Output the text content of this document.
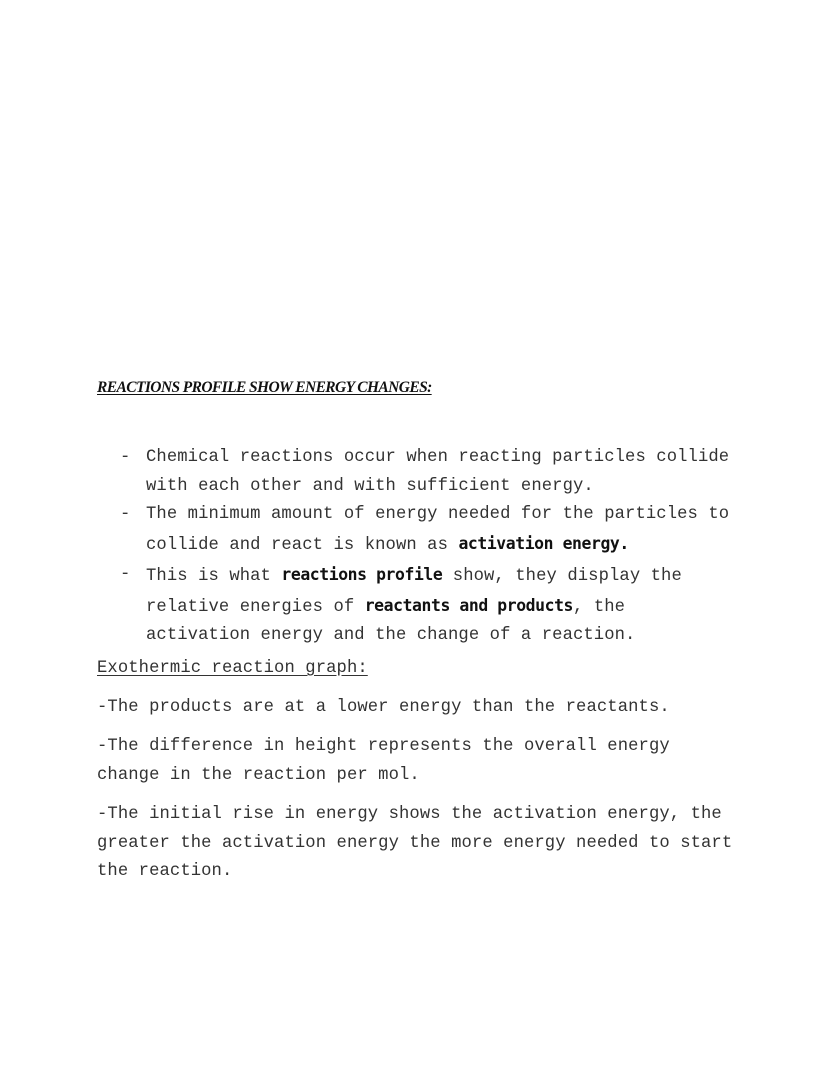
REACTIONS PROFILE SHOW ENERGY CHANGES:
- Chemical reactions occur when reacting particles collide with each other and with sufficient energy.
- The minimum amount of energy needed for the particles to collide and react is known as activation energy.
- This is what reactions profile show, they display the relative energies of reactants and products, the activation energy and the change of a reaction.
Exothermic reaction graph:

-The products are at a lower energy than the reactants.

-The difference in height represents the overall energy change in the reaction per mol.

-The initial rise in energy shows the activation energy, the greater the activation energy the more energy needed to start the reaction.
